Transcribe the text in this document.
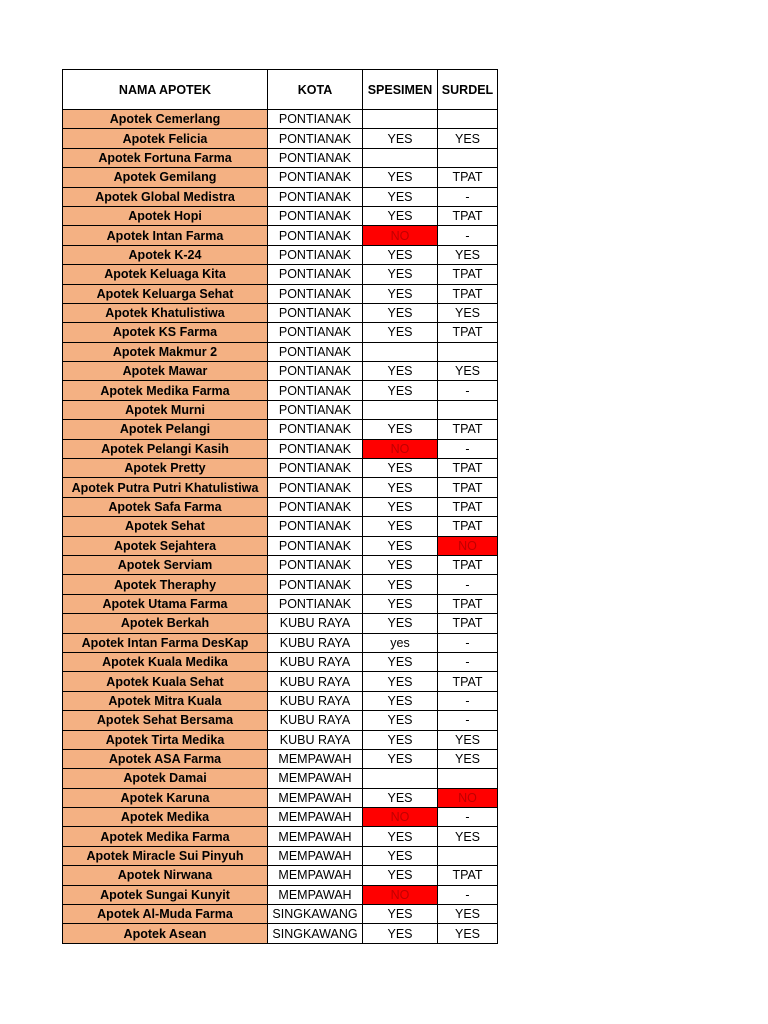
NAMA APOTEK	KOTA	SPESIMEN	SURDEL
Apotek Cemerlang	PONTIANAK		
Apotek Felicia	PONTIANAK	YES	YES
Apotek Fortuna Farma	PONTIANAK		
Apotek Gemilang	PONTIANAK	YES	TPAT
Apotek Global Medistra	PONTIANAK	YES	-
Apotek Hopi	PONTIANAK	YES	TPAT
Apotek Intan Farma	PONTIANAK	NO	-
Apotek K-24	PONTIANAK	YES	YES
Apotek Keluaga Kita	PONTIANAK	YES	TPAT
Apotek Keluarga Sehat	PONTIANAK	YES	TPAT
Apotek Khatulistiwa	PONTIANAK	YES	YES
Apotek KS Farma	PONTIANAK	YES	TPAT
Apotek Makmur 2	PONTIANAK		
Apotek Mawar	PONTIANAK	YES	YES
Apotek Medika Farma	PONTIANAK	YES	-
Apotek Murni	PONTIANAK		
Apotek Pelangi	PONTIANAK	YES	TPAT
Apotek Pelangi Kasih	PONTIANAK	NO	-
Apotek Pretty	PONTIANAK	YES	TPAT
Apotek Putra Putri Khatulistiwa	PONTIANAK	YES	TPAT
Apotek Safa Farma	PONTIANAK	YES	TPAT
Apotek Sehat	PONTIANAK	YES	TPAT
Apotek Sejahtera	PONTIANAK	YES	NO
Apotek Serviam	PONTIANAK	YES	TPAT
Apotek Theraphy	PONTIANAK	YES	-
Apotek Utama Farma	PONTIANAK	YES	TPAT
Apotek Berkah	KUBU RAYA	YES	TPAT
Apotek Intan Farma DesKap	KUBU RAYA	yes	-
Apotek Kuala Medika	KUBU RAYA	YES	-
Apotek Kuala Sehat	KUBU RAYA	YES	TPAT
Apotek Mitra Kuala	KUBU RAYA	YES	-
Apotek Sehat Bersama	KUBU RAYA	YES	-
Apotek Tirta Medika	KUBU RAYA	YES	YES
Apotek ASA Farma	MEMPAWAH	YES	YES
Apotek Damai	MEMPAWAH		
Apotek Karuna	MEMPAWAH	YES	NO
Apotek Medika	MEMPAWAH	NO	-
Apotek Medika Farma	MEMPAWAH	YES	YES
Apotek Miracle Sui Pinyuh	MEMPAWAH	YES	
Apotek Nirwana	MEMPAWAH	YES	TPAT
Apotek Sungai Kunyit	MEMPAWAH	NO	-
Apotek Al-Muda Farma	SINGKAWANG	YES	YES
Apotek Asean	SINGKAWANG	YES	YES
